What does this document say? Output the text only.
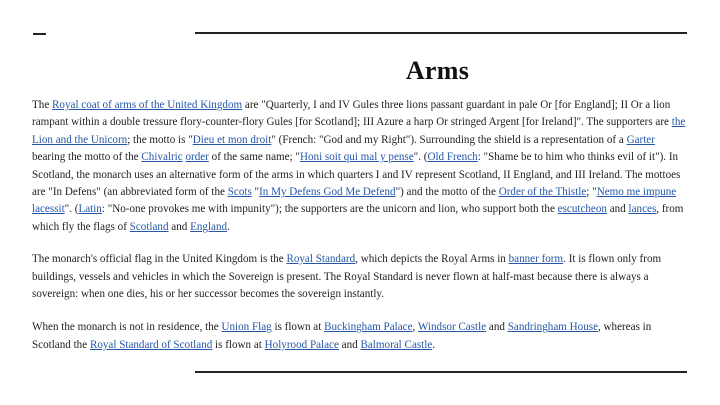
Arms

The Royal coat of arms of the United Kingdom are "Quarterly, I and IV Gules three lions passant guardant in pale Or [for England]; II Or a lion rampant within a double tressure flory-counter-flory Gules [for Scotland]; III Azure a harp Or stringed Argent [for Ireland]". The supporters are the Lion and the Unicorn; the motto is "Dieu et mon droit" (French: "God and my Right"). Surrounding the shield is a representation of a Garter bearing the motto of the Chivalric order of the same name; "Honi soit qui mal y pense". (Old French: "Shame be to him who thinks evil of it"). In Scotland, the monarch uses an alternative form of the arms in which quarters I and IV represent Scotland, II England, and III Ireland. The mottoes are "In Defens" (an abbreviated form of the Scots "In My Defens God Me Defend") and the motto of the Order of the Thistle; "Nemo me impune lacessit". (Latin: "No-one provokes me with impunity"); the supporters are the unicorn and lion, who support both the escutcheon and lances, from which fly the flags of Scotland and England.

The monarch's official flag in the United Kingdom is the Royal Standard, which depicts the Royal Arms in banner form. It is flown only from buildings, vessels and vehicles in which the Sovereign is present. The Royal Standard is never flown at half-mast because there is always a sovereign: when one dies, his or her successor becomes the sovereign instantly.

When the monarch is not in residence, the Union Flag is flown at Buckingham Palace, Windsor Castle and Sandringham House, whereas in Scotland the Royal Standard of Scotland is flown at Holyrood Palace and Balmoral Castle.
